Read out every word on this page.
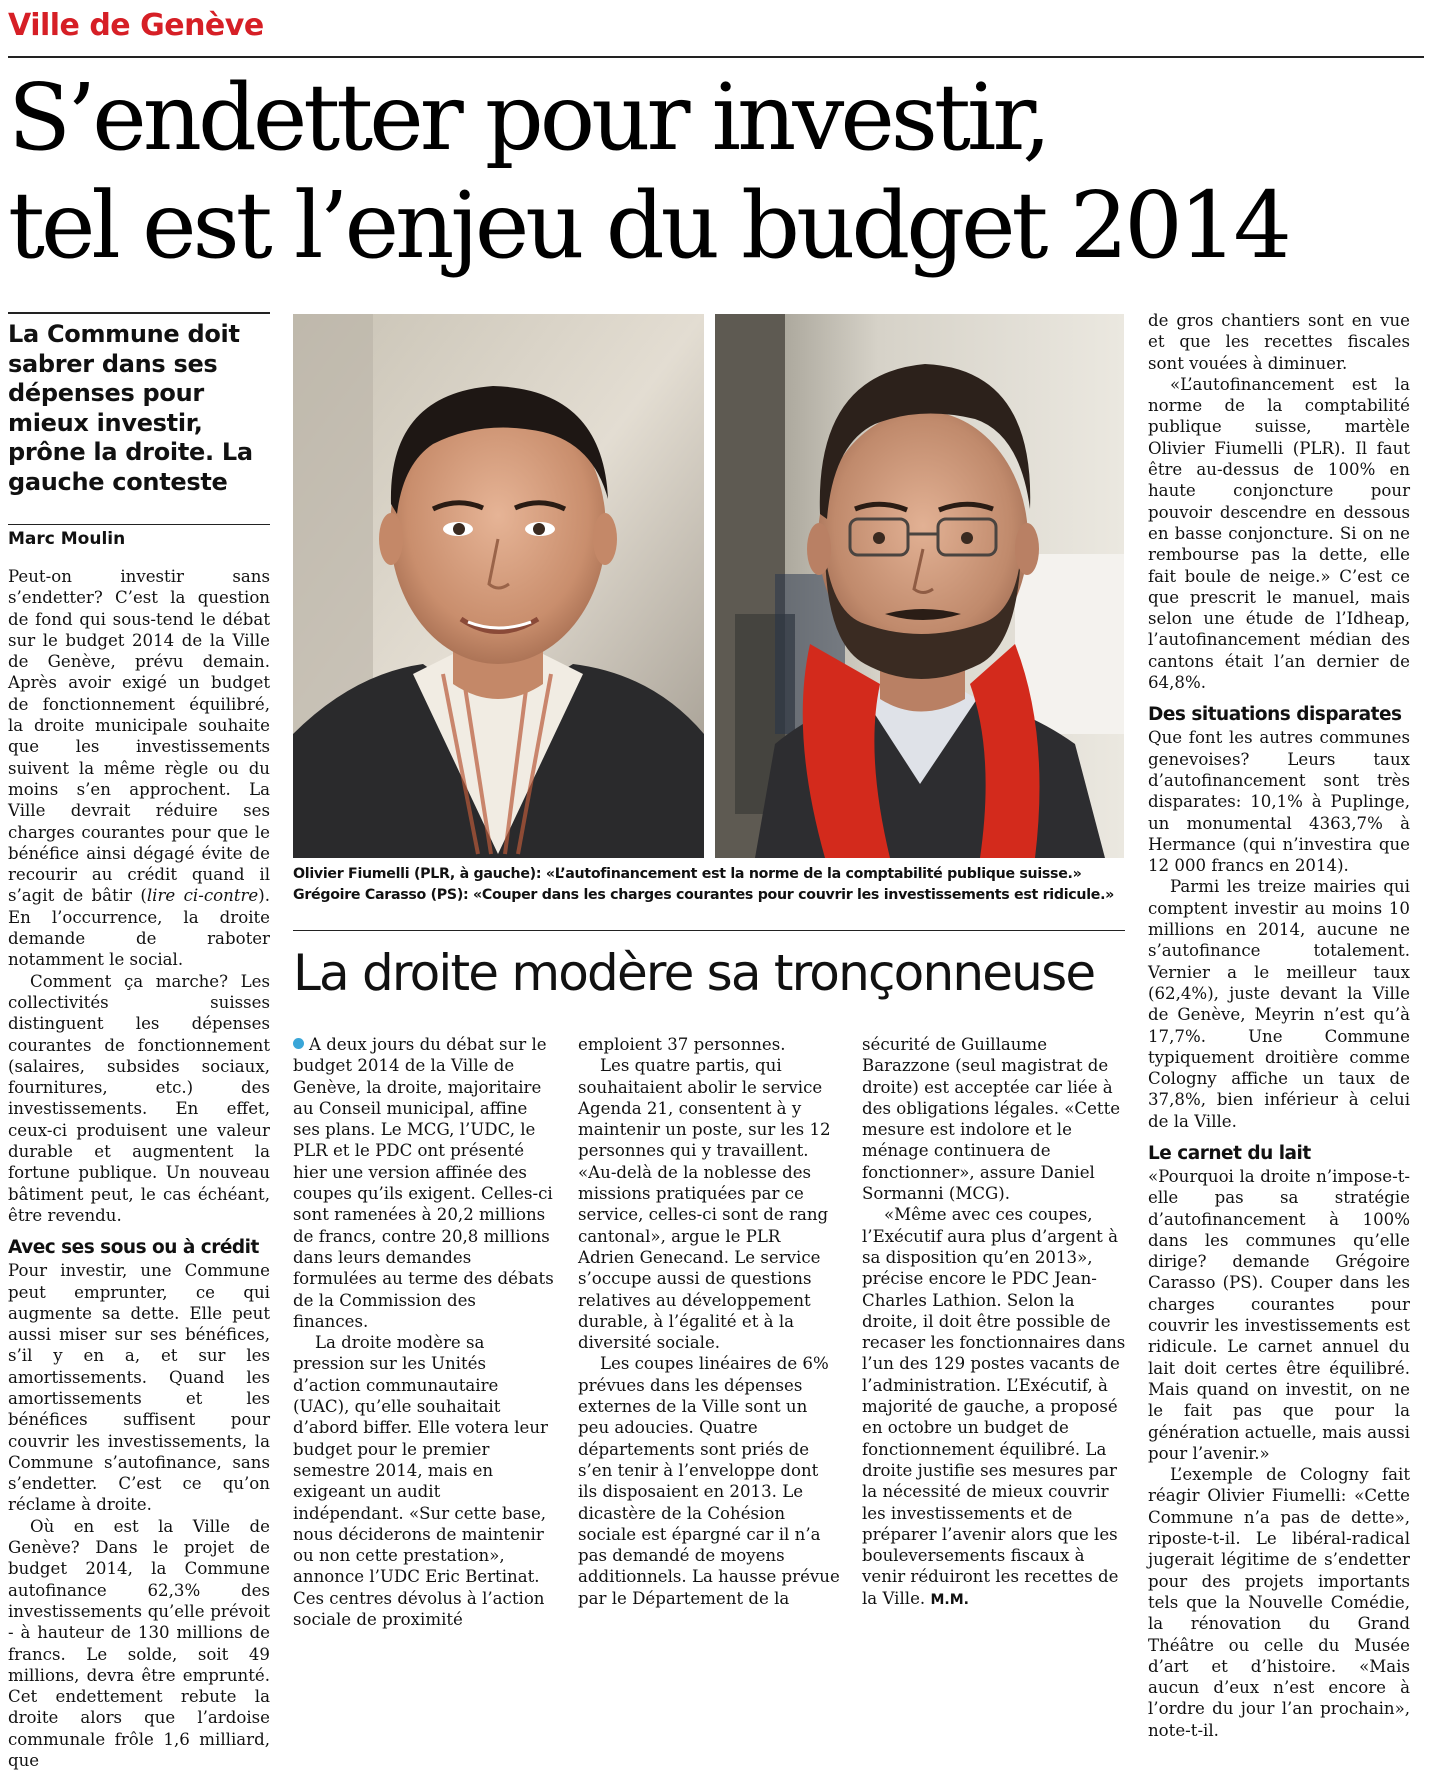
Ville de Genève
S’endetter pour investir,
tel est l’enjeu du budget 2014

La Commune doit sabrer dans ses dépenses pour mieux investir, prône la droite. La gauche conteste

Marc Moulin

Peut-on investir sans s’endetter? C’est la question de fond qui sous-tend le débat sur le budget 2014 de la Ville de Genève, prévu demain. Après avoir exigé un budget de fonctionnement équilibré, la droite municipale souhaite que les investissements suivent la même règle ou du moins s’en approchent. La Ville devrait réduire ses charges courantes pour que le bénéfice ainsi dégagé évite de recourir au crédit quand il s’agit de bâtir (lire ci-contre). En l’occurrence, la droite demande de raboter notamment le social.

Comment ça marche? Les collectivités suisses distinguent les dépenses courantes de fonctionnement (salaires, subsides sociaux, fournitures, etc.) des investissements. En effet, ceux-ci produisent une valeur durable et augmentent la fortune publique. Un nouveau bâtiment peut, le cas échéant, être revendu.

Avec ses sous ou à crédit

Pour investir, une Commune peut emprunter, ce qui augmente sa dette. Elle peut aussi miser sur ses bénéfices, s’il y en a, et sur les amortissements. Quand les amortissements et les bénéfices suffisent pour couvrir les investissements, la Commune s’autofinance, sans s’endetter. C’est ce qu’on réclame à droite.

Où en est la Ville de Genève? Dans le projet de budget 2014, la Commune autofinance 62,3% des investissements qu’elle prévoit - à hauteur de 130 millions de francs. Le solde, soit 49 millions, devra être emprunté. Cet endettement rebute la droite alors que l’ardoise communale frôle 1,6 milliard, que

Olivier Fiumelli (PLR, à gauche): «L’autofinancement est la norme de la comptabilité publique suisse.»
Grégoire Carasso (PS): «Couper dans les charges courantes pour couvrir les investissements est ridicule.»
La droite modère sa tronçonneuse

A deux jours du débat sur le budget 2014 de la Ville de Genève, la droite, majoritaire au Conseil municipal, affine ses plans. Le MCG, l’UDC, le PLR et le PDC ont présenté hier une version affinée des coupes qu’ils exigent. Celles-ci sont ramenées à 20,2 millions de francs, contre 20,8 millions dans leurs demandes formulées au terme des débats de la Commission des finances.

La droite modère sa pression sur les Unités d’action communautaire (UAC), qu’elle souhaitait d’abord biffer. Elle votera leur budget pour le premier semestre 2014, mais en exigeant un audit indépendant. «Sur cette base, nous déciderons de maintenir ou non cette prestation», annonce l’UDC Eric Bertinat. Ces centres dévolus à l’action sociale de proximité

emploient 37 personnes.

Les quatre partis, qui souhaitaient abolir le service Agenda 21, consentent à y maintenir un poste, sur les 12 personnes qui y travaillent. «Au-delà de la noblesse des missions pratiquées par ce service, celles-ci sont de rang cantonal», argue le PLR Adrien Genecand. Le service s’occupe aussi de questions relatives au développement durable, à l’égalité et à la diversité sociale.

Les coupes linéaires de 6% prévues dans les dépenses externes de la Ville sont un peu adoucies. Quatre départements sont priés de s’en tenir à l’enveloppe dont ils disposaient en 2013. Le dicastère de la Cohésion sociale est épargné car il n’a pas demandé de moyens additionnels. La hausse prévue par le Département de la

sécurité de Guillaume Barazzone (seul magistrat de droite) est acceptée car liée à des obligations légales. «Cette mesure est indolore et le ménage continuera de fonctionner», assure Daniel Sormanni (MCG).

«Même avec ces coupes, l’Exécutif aura plus d’argent à sa disposition qu’en 2013», précise encore le PDC Jean-Charles Lathion. Selon la droite, il doit être possible de recaser les fonctionnaires dans l’un des 129 postes vacants de l’administration. L’Exécutif, à majorité de gauche, a proposé en octobre un budget de fonctionnement équilibré. La droite justifie ses mesures par la nécessité de mieux couvrir les investissements et de préparer l’avenir alors que les bouleversements fiscaux à venir réduiront les recettes de la Ville. M.M.

de gros chantiers sont en vue et que les recettes fiscales sont vouées à diminuer.

«L’autofinancement est la norme de la comptabilité publique suisse, martèle Olivier Fiumelli (PLR). Il faut être au-dessus de 100% en haute conjoncture pour pouvoir descendre en dessous en basse conjoncture. Si on ne rembourse pas la dette, elle fait boule de neige.» C’est ce que prescrit le manuel, mais selon une étude de l’Idheap, l’autofinancement médian des cantons était l’an dernier de 64,8%.

Des situations disparates

Que font les autres communes genevoises? Leurs taux d’autofinancement sont très disparates: 10,1% à Puplinge, un monumental 4363,7% à Hermance (qui n’investira que 12 000 francs en 2014).

Parmi les treize mairies qui comptent investir au moins 10 millions en 2014, aucune ne s’autofinance totalement. Vernier a le meilleur taux (62,4%), juste devant la Ville de Genève, Meyrin n’est qu’à 17,7%. Une Commune typiquement droitière comme Cologny affiche un taux de 37,8%, bien inférieur à celui de la Ville.

Le carnet du lait

«Pourquoi la droite n’impose-t-elle pas sa stratégie d’autofinancement à 100% dans les communes qu’elle dirige? demande Grégoire Carasso (PS). Couper dans les charges courantes pour couvrir les investissements est ridicule. Le carnet annuel du lait doit certes être équilibré. Mais quand on investit, on ne le fait pas que pour la génération actuelle, mais aussi pour l’avenir.»

L’exemple de Cologny fait réagir Olivier Fiumelli: «Cette Commune n’a pas de dette», riposte-t-il. Le libéral-radical jugerait légitime de s’endetter pour des projets importants tels que la Nouvelle Comédie, la rénovation du Grand Théâtre ou celle du Musée d’art et d’histoire. «Mais aucun d’eux n’est encore à l’ordre du jour l’an prochain», note-t-il.
